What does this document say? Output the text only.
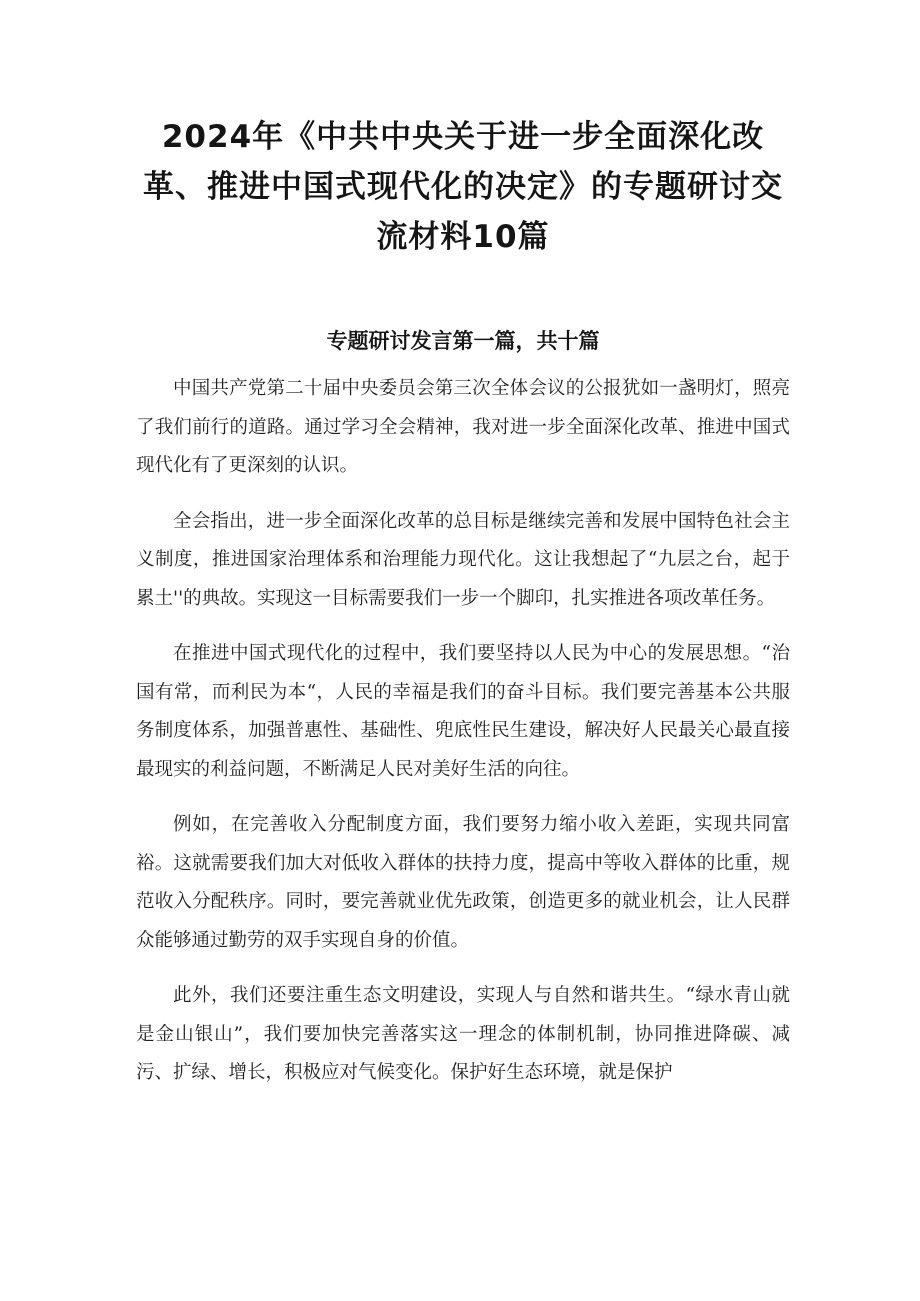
2024年《中共中央关于进一步全面深化改革、推进中国式现代化的决定》的专题研讨交流材料10篇
专题研讨发言第一篇，共十篇

中国共产党第二十届中央委员会第三次全体会议的公报犹如一盏明灯，照亮了我们前行的道路。通过学习全会精神，我对进一步全面深化改革、推进中国式现代化有了更深刻的认识。

全会指出，进一步全面深化改革的总目标是继续完善和发展中国特色社会主义制度，推进国家治理体系和治理能力现代化。这让我想起了“九层之台，起于累土''的典故。实现这一目标需要我们一步一个脚印，扎实推进各项改革任务。

在推进中国式现代化的过程中，我们要坚持以人民为中心的发展思想。“治国有常，而利民为本“，人民的幸福是我们的奋斗目标。我们要完善基本公共服务制度体系，加强普惠性、基础性、兜底性民生建设，解决好人民最关心最直接最现实的利益问题，不断满足人民对美好生活的向往。

例如，在完善收入分配制度方面，我们要努力缩小收入差距，实现共同富裕。这就需要我们加大对低收入群体的扶持力度，提高中等收入群体的比重，规范收入分配秩序。同时，要完善就业优先政策，创造更多的就业机会，让人民群众能够通过勤劳的双手实现自身的价值。

此外，我们还要注重生态文明建设，实现人与自然和谐共生。“绿水青山就是金山银山”，我们要加快完善落实这一理念的体制机制，协同推进降碳、减污、扩绿、增长，积极应对气候变化。保护好生态环境，就是保护
